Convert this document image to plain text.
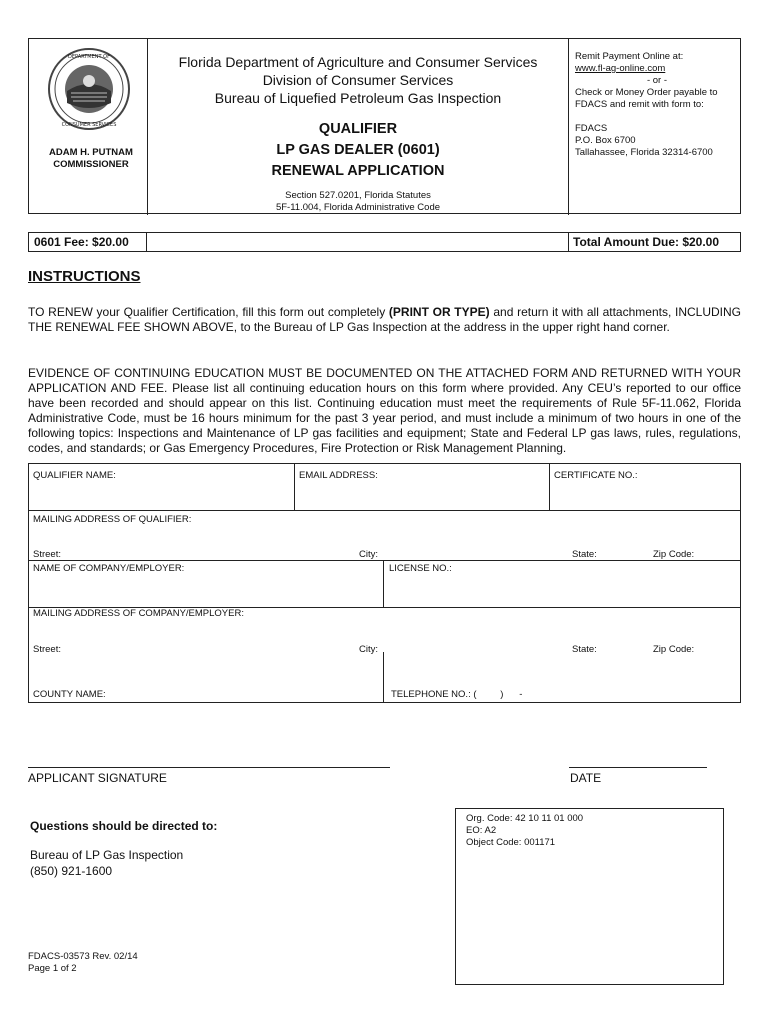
DEPARTMENT OF
CONSUMER SERVICES
ADAM H. PUTNAM
COMMISSIONER
Florida Department of Agriculture and Consumer Services
Division of Consumer Services
Bureau of Liquefied Petroleum Gas Inspection
QUALIFIER
LP GAS DEALER (0601)
RENEWAL APPLICATION
Section 527.0201, Florida Statutes
5F-11.004, Florida Administrative Code
Remit Payment Online at:
www.fl-ag-online.com
- or -
Check or Money Order payable to
FDACS and remit with form to:
FDACS
P.O. Box 6700
Tallahassee, Florida 32314-6700
0601 Fee: $20.00	Total Amount Due: $20.00
INSTRUCTIONS
TO RENEW your Qualifier Certification, fill this form out completely (PRINT OR TYPE) and return it with all attachments, INCLUDING THE RENEWAL FEE SHOWN ABOVE, to the Bureau of LP Gas Inspection at the address in the upper right hand corner.
EVIDENCE OF CONTINUING EDUCATION MUST BE DOCUMENTED ON THE ATTACHED FORM AND RETURNED WITH YOUR APPLICATION AND FEE. Please list all continuing education hours on this form where provided. Any CEU’s reported to our office have been recorded and should appear on this list. Continuing education must meet the requirements of Rule 5F-11.062, Florida Administrative Code, must be 16 hours minimum for the past 3 year period, and must include a minimum of two hours in one of the following topics: Inspections and Maintenance of LP gas facilities and equipment; State and Federal LP gas laws, rules, regulations, codes, and standards; or Gas Emergency Procedures, Fire Protection or Risk Management Planning.
QUALIFIER NAME:	EMAIL ADDRESS:	CERTIFICATE NO.:
MAILING ADDRESS OF QUALIFIER:
Street:	City:	State:	Zip Code:
NAME OF COMPANY/EMPLOYER:	LICENSE NO.:
MAILING ADDRESS OF COMPANY/EMPLOYER:
Street:	City:	State:	Zip Code:
COUNTY NAME:	TELEPHONE NO.: (         )      -
APPLICANT SIGNATURE	DATE
Questions should be directed to:
Bureau of LP Gas Inspection
(850) 921-1600
Org. Code: 42 10 11 01 000
EO: A2
Object Code: 001171
FDACS-03573 Rev. 02/14
Page 1 of 2
